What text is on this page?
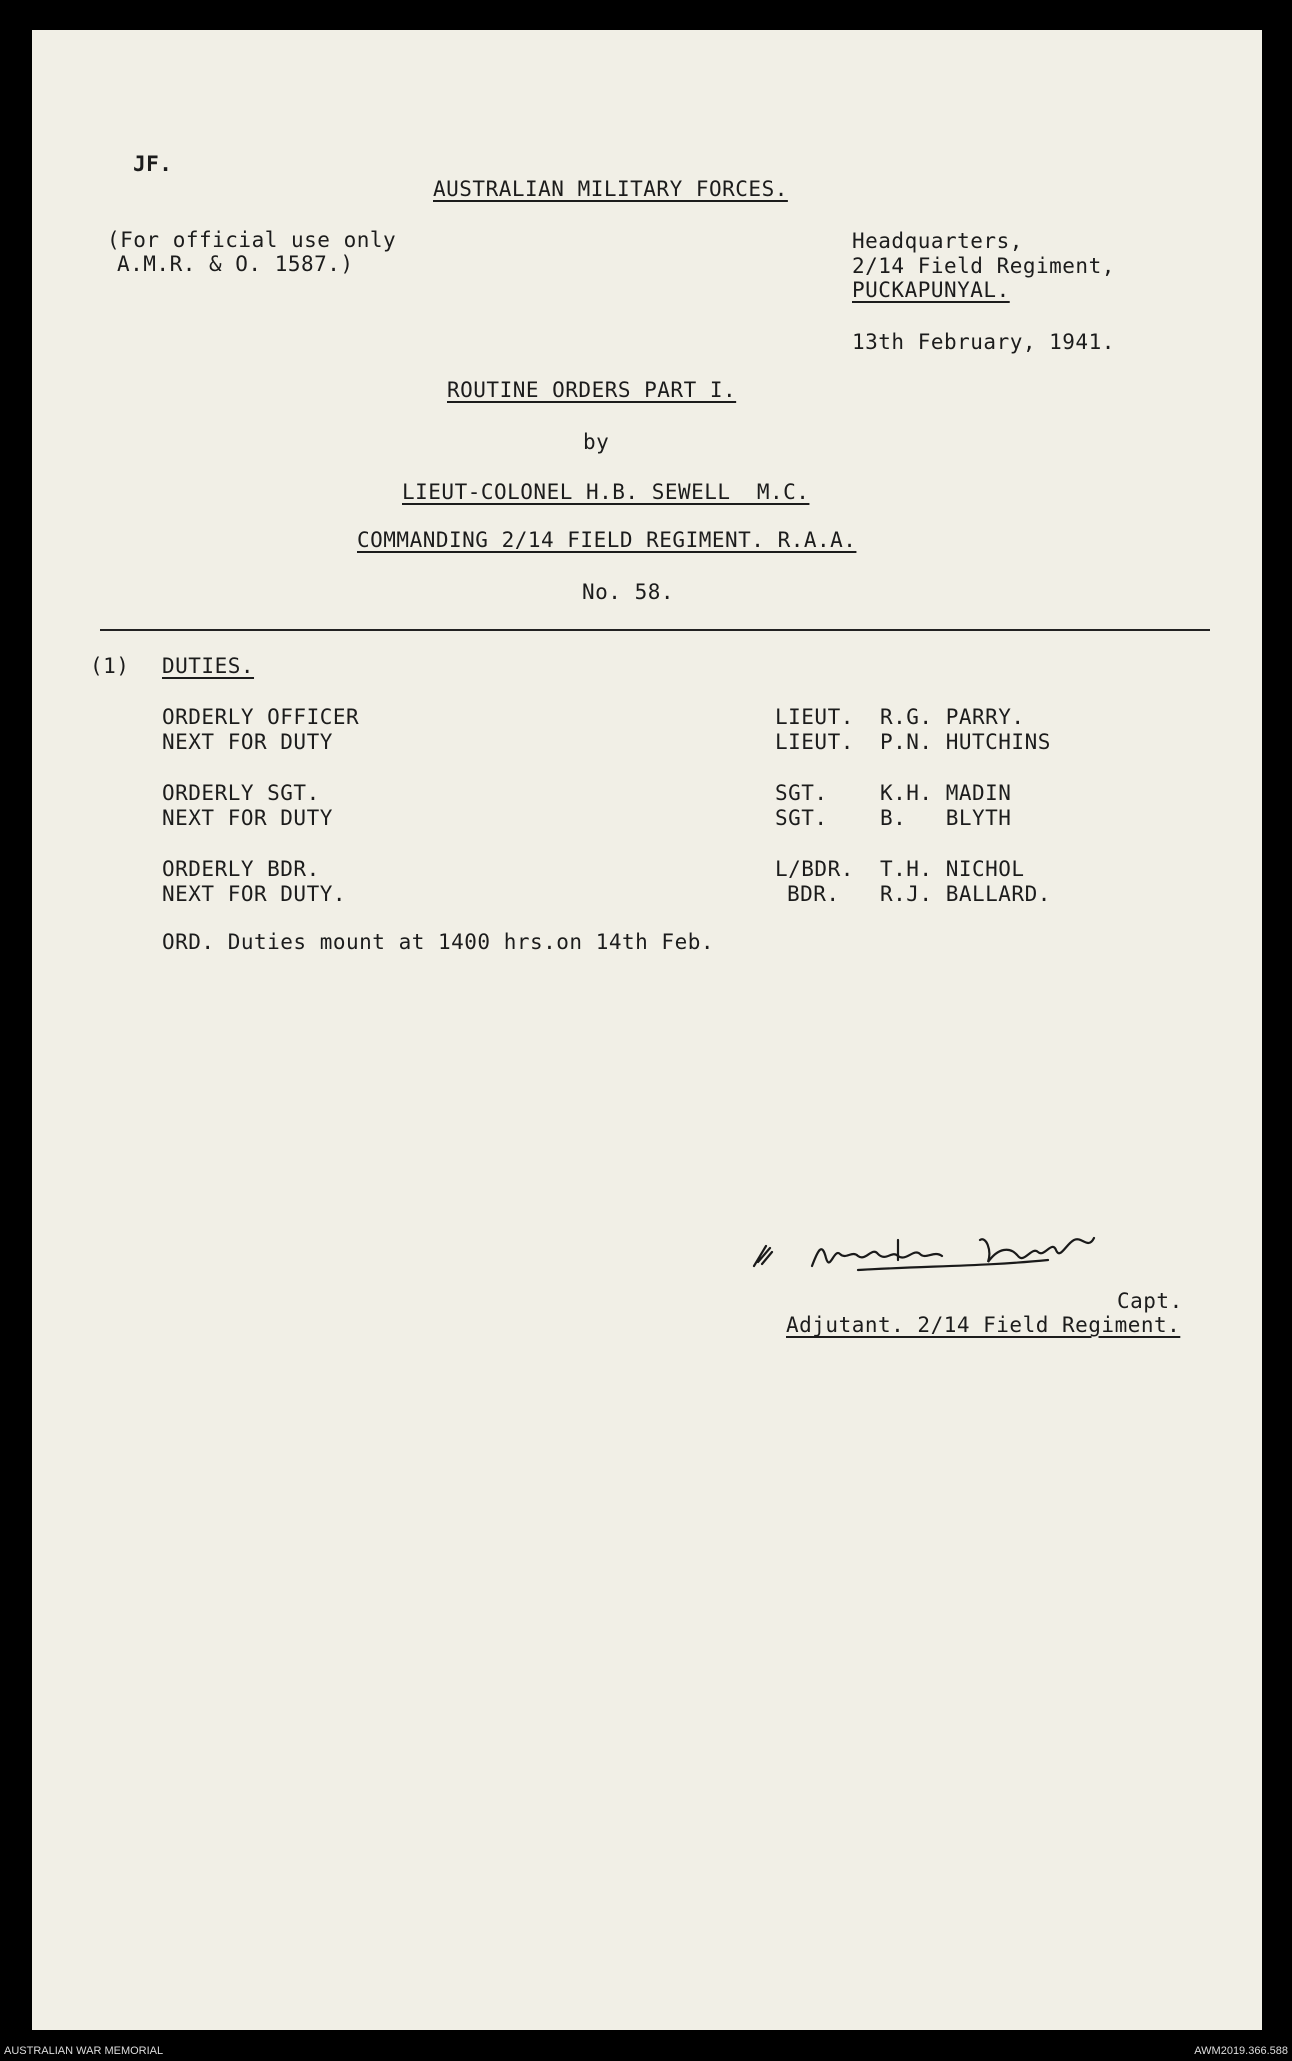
JF.
AUSTRALIAN MILITARY FORCES.
(For official use only
A.M.R. & O. 1587.)
Headquarters,
2/14 Field Regiment,
PUCKAPUNYAL.
13th February, 1941.
ROUTINE ORDERS PART I.
by
LIEUT-COLONEL H.B. SEWELL  M.C.
COMMANDING 2/14 FIELD REGIMENT. R.A.A.
No. 58.
(1) DUTIES.
ORDERLY OFFICER	LIEUT. R.G. PARRY.
NEXT FOR DUTY	LIEUT. P.N. HUTCHINS
ORDERLY SGT.	SGT. K.H. MADIN
NEXT FOR DUTY	SGT. B.   BLYTH
ORDERLY BDR.	L/BDR. T.H. NICHOL
NEXT FOR DUTY.	BDR. R.J. BALLARD.
ORD. Duties mount at 1400 hrs.on 14th Feb.
Capt.
Adjutant. 2/14 Field Regiment.
AUSTRALIAN WAR MEMORIAL	AWM2019.366.588
